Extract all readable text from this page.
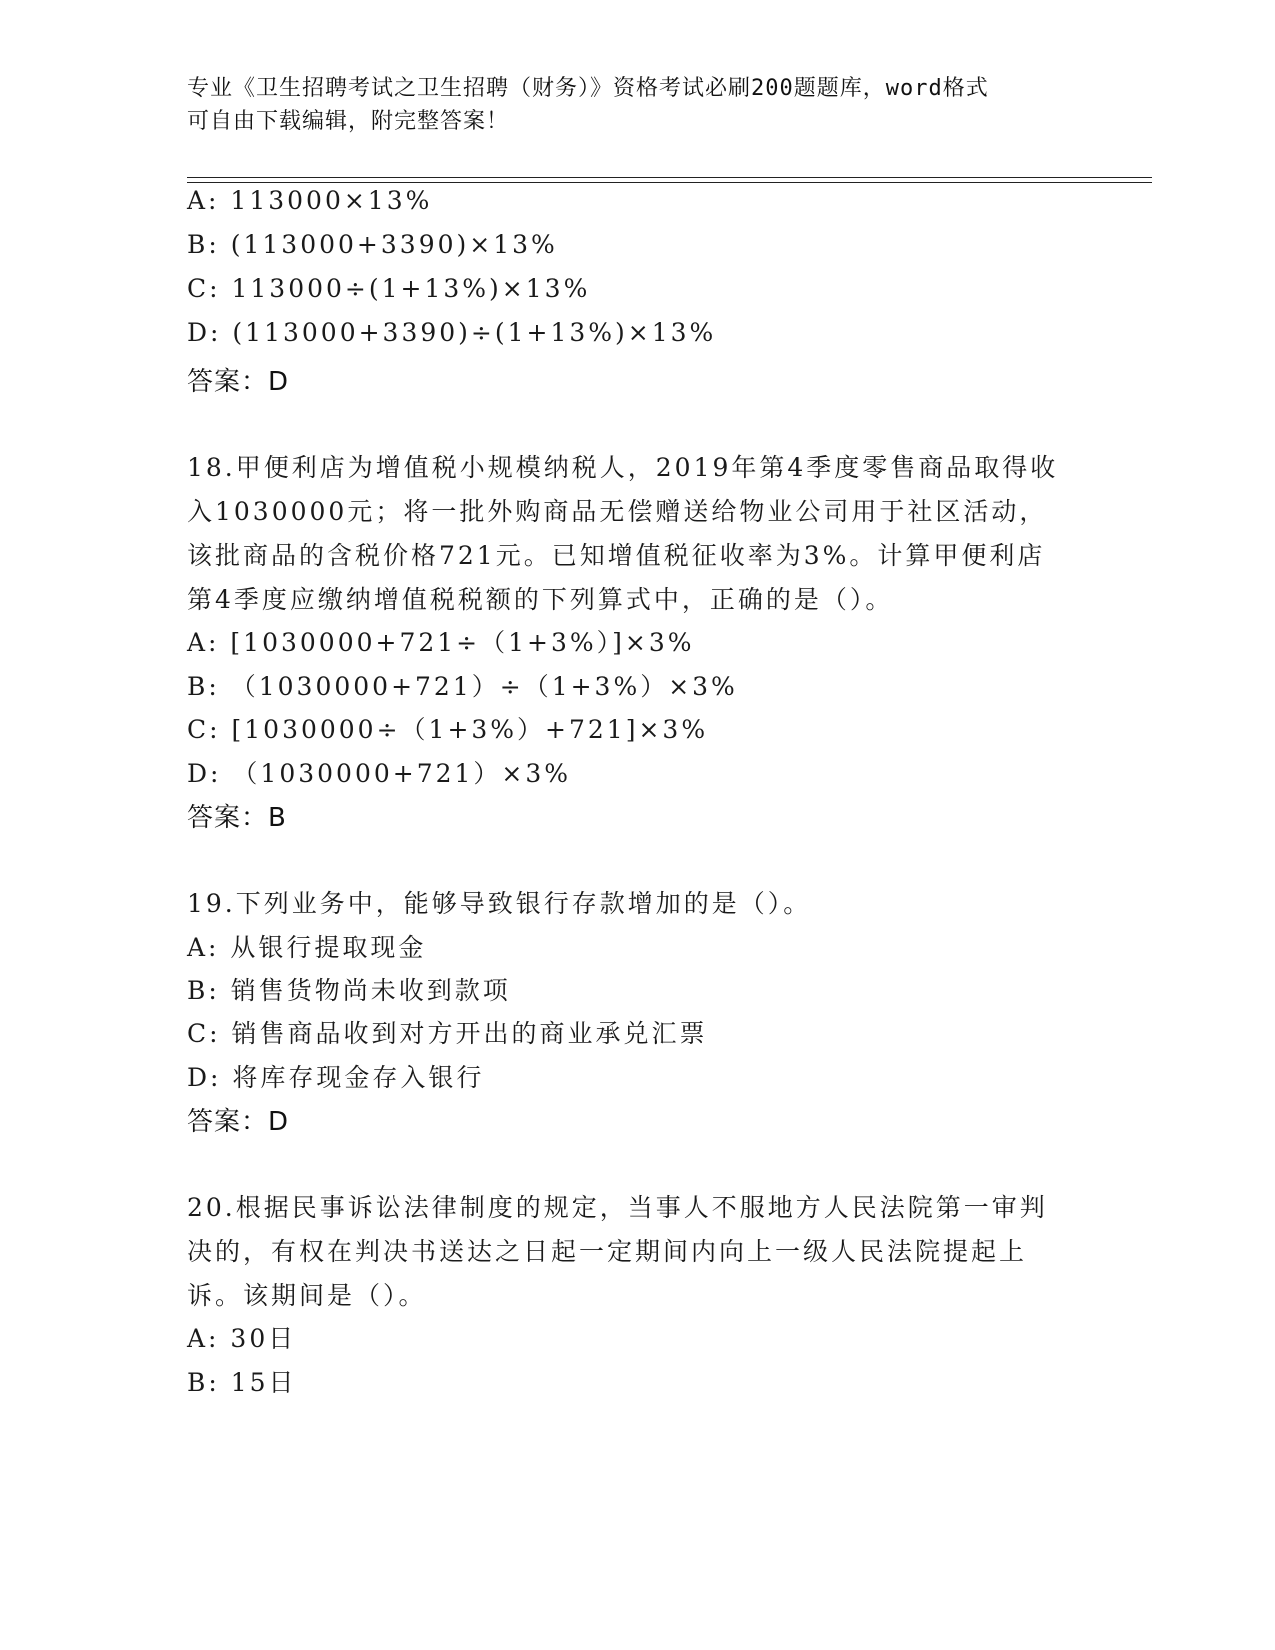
专业《卫生招聘考试之卫生招聘（财务）》资格考试必刷200题题库，word格式

可自由下载编辑，附完整答案！

A: 113000×13%
B: (113000+3390)×13%
C: 113000÷(1+13%)×13%
D: (113000+3390)÷(1+13%)×13%
答案：D
18.甲便利店为增值税小规模纳税人，2019年第4季度零售商品取得收
入1030000元；将一批外购商品无偿赠送给物业公司用于社区活动，
该批商品的含税价格721元。已知增值税征收率为3%。计算甲便利店
第4季度应缴纳增值税税额的下列算式中，正确的是（）。
A: [1030000+721÷（1+3%）]×3%
B: （1030000+721）÷（1+3%）×3%
C: [1030000÷（1+3%）+721]×3%
D: （1030000+721）×3%
答案：B
19.下列业务中，能够导致银行存款增加的是（）。
A: 从银行提取现金
B: 销售货物尚未收到款项
C: 销售商品收到对方开出的商业承兑汇票
D: 将库存现金存入银行
答案：D
20.根据民事诉讼法律制度的规定，当事人不服地方人民法院第一审判
决的，有权在判决书送达之日起一定期间内向上一级人民法院提起上
诉。该期间是（）。
A: 30日
B: 15日
